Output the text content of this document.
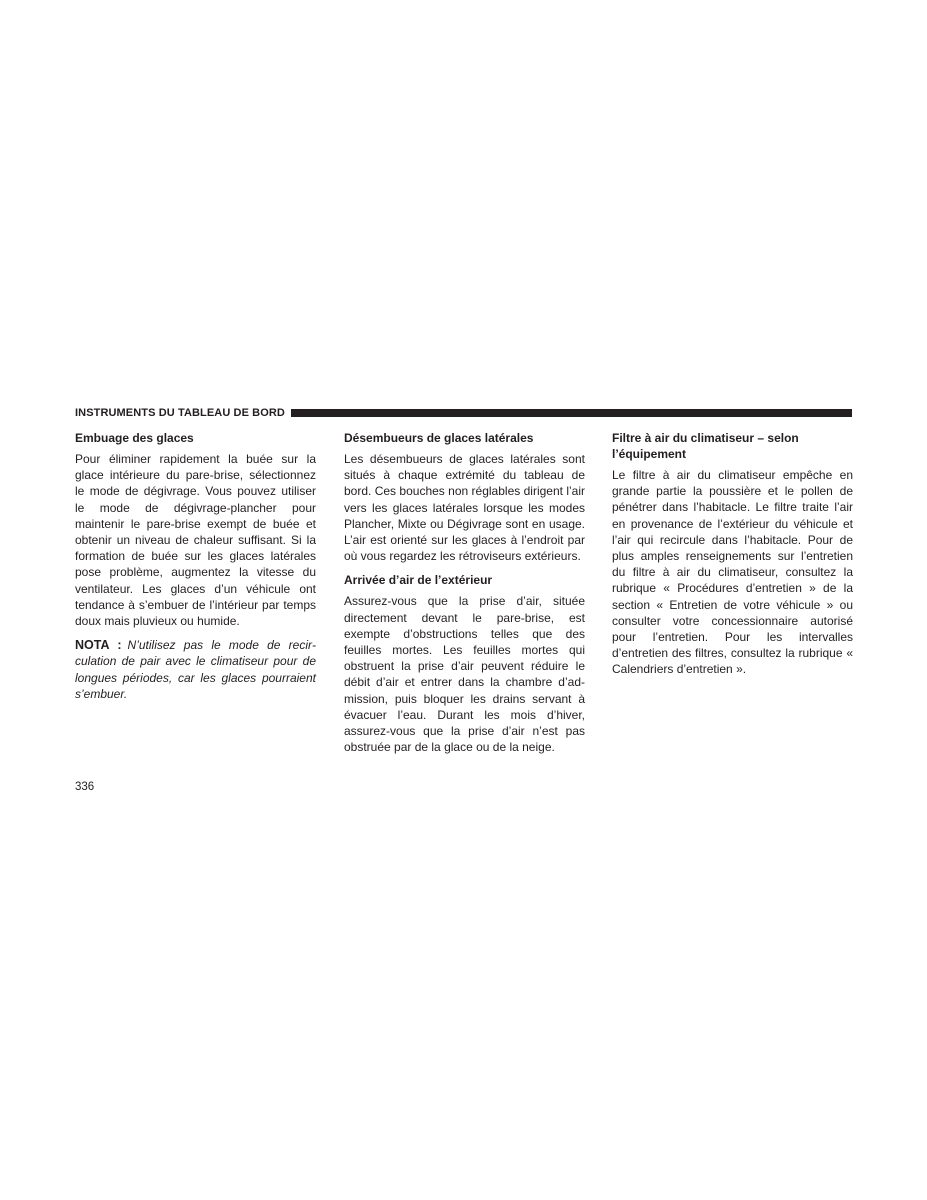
INSTRUMENTS DU TABLEAU DE BORD
Embuage des glaces

Pour éliminer rapidement la buée sur la glace intérieure du pare-brise, sélectionnez le mode de dégivrage. Vous pouvez utiliser le mode de dégivrage-plancher pour maintenir le pare-brise exempt de buée et obtenir un niveau de chaleur suffisant. Si la formation de buée sur les glaces latérales pose problème, augmentez la vitesse du ventilateur. Les glaces d’un véhicule ont tendance à s’embuer de l’intérieur par temps doux mais pluvieux ou humide.

NOTA : N’utilisez pas le mode de recirculation de pair avec le climatiseur pour de longues périodes, car les glaces pourraient s’embuer.

Désembueurs de glaces latérales

Les désembueurs de glaces latérales sont situés à chaque extrémité du tableau de bord. Ces bouches non réglables dirigent l’air vers les glaces latérales lorsque les modes Plancher, Mixte ou Dégivrage sont en usage. L’air est orienté sur les glaces à l’endroit par où vous regardez les rétroviseurs extérieurs.

Arrivée d’air de l’extérieur

Assurez-vous que la prise d’air, située directement devant le pare-brise, est exempte d’obstructions telles que des feuilles mortes. Les feuilles mortes qui obstruent la prise d’air peuvent réduire le débit d’air et entrer dans la chambre d’admission, puis bloquer les drains servant à évacuer l’eau. Durant les mois d’hiver, assurez-vous que la prise d’air n’est pas obstruée par de la glace ou de la neige.

Filtre à air du climatiseur – selon l’équipement

Le filtre à air du climatiseur empêche en grande partie la poussière et le pollen de pénétrer dans l’habitacle. Le filtre traite l’air en provenance de l’extérieur du véhicule et l’air qui recircule dans l’habitacle. Pour de plus amples renseignements sur l’entretien du filtre à air du climatiseur, consultez la rubrique « Procédures d’entretien » de la section « Entretien de votre véhicule » ou consulter votre concessionnaire autorisé pour l’entretien. Pour les intervalles d’entretien des filtres, consultez la rubrique « Calendriers d’entretien ».

336
